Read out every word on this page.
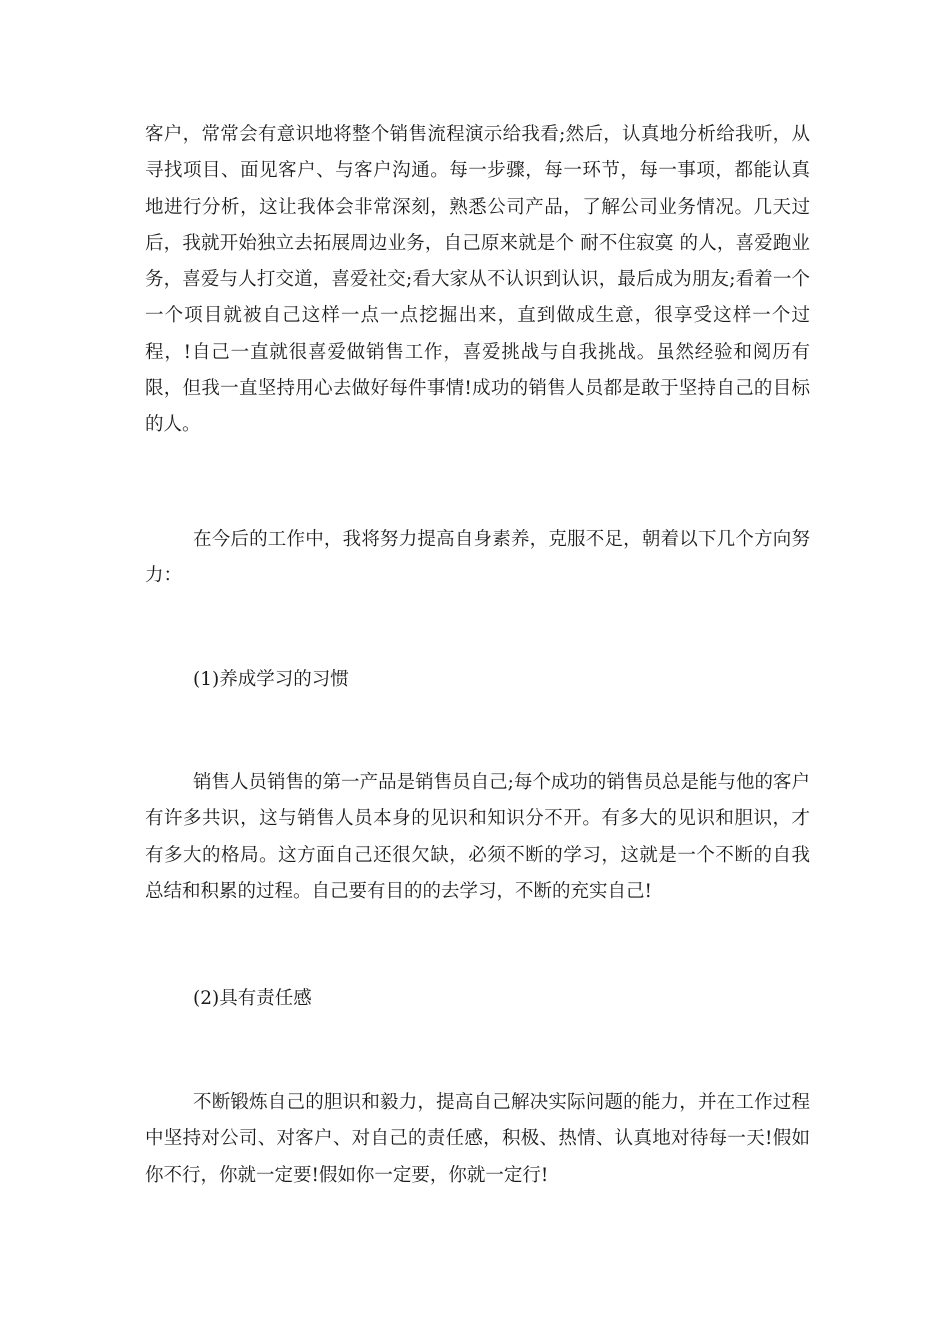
客户，常常会有意识地将整个销售流程演示给我看;然后，认真地分析给我听，从寻找项目、面见客户、与客户沟通。每一步骤，每一环节，每一事项，都能认真地进行分析，这让我体会非常深刻，熟悉公司产品，了解公司业务情况。几天过后，我就开始独立去拓展周边业务，自己原来就是个 耐不住寂寞 的人，喜爱跑业务，喜爱与人打交道，喜爱社交;看大家从不认识到认识，最后成为朋友;看着一个一个项目就被自己这样一点一点挖掘出来，直到做成生意，很享受这样一个过程，!自己一直就很喜爱做销售工作，喜爱挑战与自我挑战。虽然经验和阅历有限，但我一直坚持用心去做好每件事情!成功的销售人员都是敢于坚持自己的目标的人。

在今后的工作中，我将努力提高自身素养，克服不足，朝着以下几个方向努力：

(1)养成学习的习惯

销售人员销售的第一产品是销售员自己;每个成功的销售员总是能与他的客户有许多共识，这与销售人员本身的见识和知识分不开。有多大的见识和胆识，才有多大的格局。这方面自己还很欠缺，必须不断的学习，这就是一个不断的自我总结和积累的过程。自己要有目的的去学习，不断的充实自己!

(2)具有责任感

不断锻炼自己的胆识和毅力，提高自己解决实际问题的能力，并在工作过程中坚持对公司、对客户、对自己的责任感，积极、热情、认真地对待每一天!假如你不行，你就一定要!假如你一定要，你就一定行!
